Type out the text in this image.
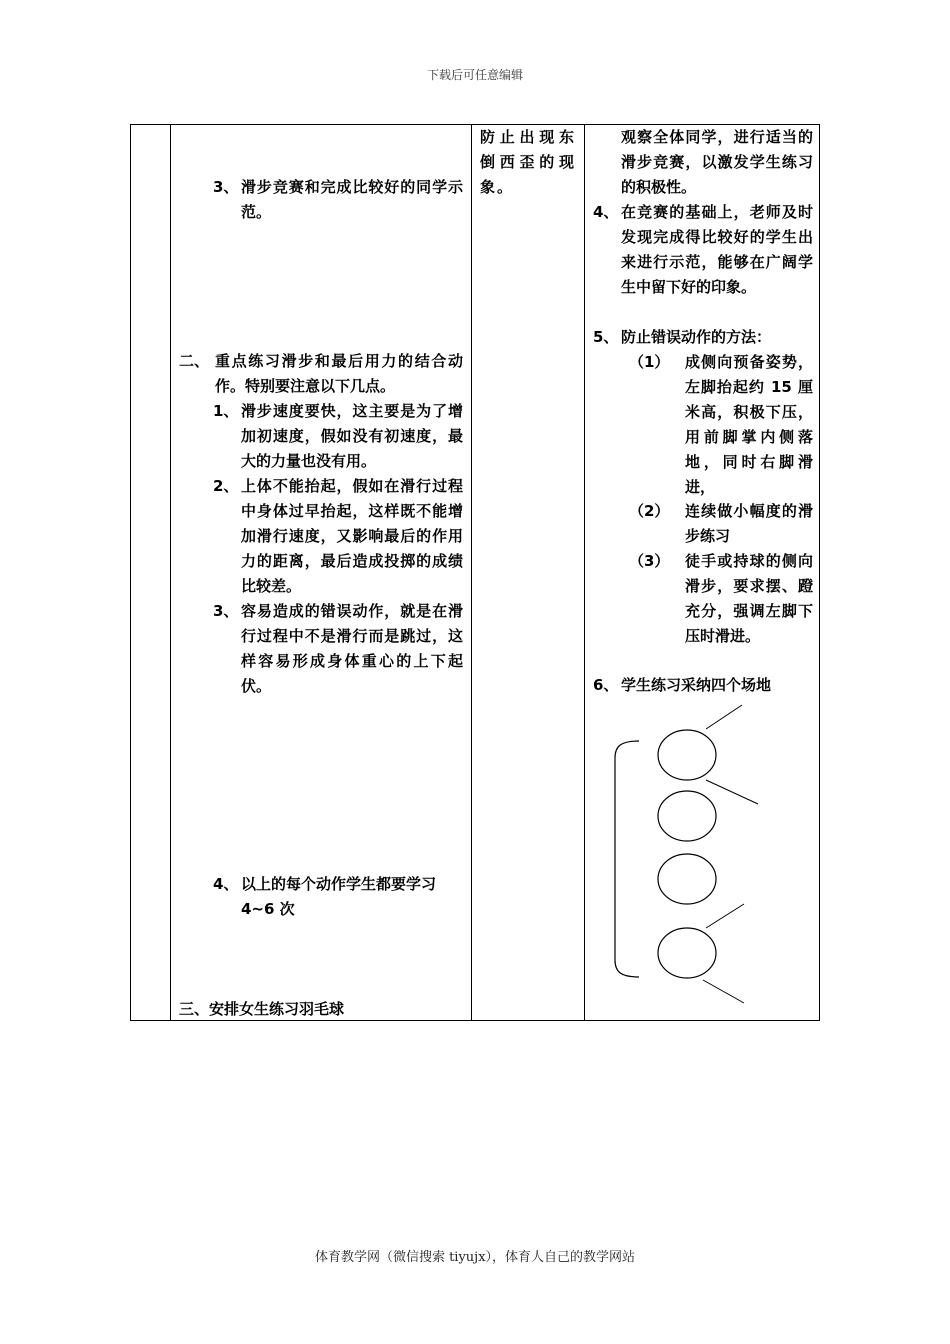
下载后可任意编辑
3、 滑步竞赛和完成比较好的同学示范。
二、 重点练习滑步和最后用力的结合动作。特别要注意以下几点。
1、 滑步速度要快，这主要是为了增加初速度，假如没有初速度，最大的力量也没有用。
2、 上体不能抬起，假如在滑行过程中身体过早抬起，这样既不能增加滑行速度，又影响最后的作用力的距离，最后造成投掷的成绩比较差。
3、 容易造成的错误动作，就是在滑行过程中不是滑行而是跳过，这样容易形成身体重心的上下起伏。
4、 以上的每个动作学生都要学习 4~6 次
三、安排女生练习羽毛球
防止出现东倒西歪的现象。
观察全体同学，进行适当的滑步竞赛，以激发学生练习的积极性。
4、 在竞赛的基础上，老师及时发现完成得比较好的学生出来进行示范，能够在广阔学生中留下好的印象。
5、 防止错误动作的方法：
（1） 成侧向预备姿势，左脚抬起约 15 厘米高，积极下压，用前脚掌内侧落地，同时右脚滑进，
（2） 连续做小幅度的滑步练习
（3） 徒手或持球的侧向滑步，要求摆、蹬充分，强调左脚下压时滑进。
6、 学生练习采纳四个场地
体育教学网（微信搜索 tiyujx），体育人自己的教学网站
